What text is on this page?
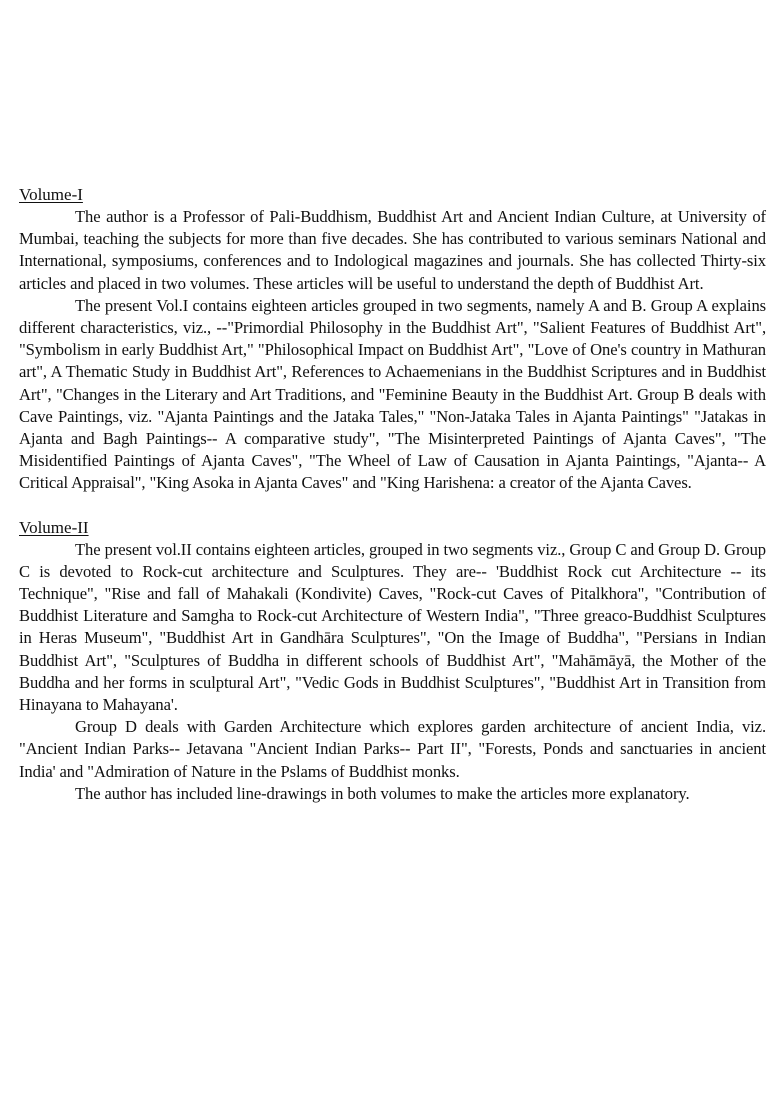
Volume-I

The author is a Professor of Pali-Buddhism, Buddhist Art and Ancient Indian Culture, at University of Mumbai, teaching the subjects for more than five decades. She has contributed to various seminars National and International, symposiums, conferences and to Indological magazines and journals. She has collected Thirty-six articles and placed in two volumes. These articles will be useful to understand the depth of Buddhist Art.

The present Vol.I contains eighteen articles grouped in two segments, namely A and B. Group A explains different characteristics, viz., --"Primordial Philosophy in the Buddhist Art", "Salient Features of Buddhist Art", "Symbolism in early Buddhist Art," "Philosophical Impact on Buddhist Art", "Love of One's country in Mathuran art", A Thematic Study in Buddhist Art", References to Achaemenians in the Buddhist Scriptures and in Buddhist Art", "Changes in the Literary and Art Traditions, and "Feminine Beauty in the Buddhist Art. Group B deals with Cave Paintings, viz. "Ajanta Paintings and the Jataka Tales," "Non-Jataka Tales in Ajanta Paintings" "Jatakas in Ajanta and Bagh Paintings-- A comparative study", "The Misinterpreted Paintings of Ajanta Caves", "The Misidentified Paintings of Ajanta Caves", "The Wheel of Law of Causation in Ajanta Paintings, "Ajanta-- A Critical Appraisal", "King Asoka in Ajanta Caves" and "King Harishena: a creator of the Ajanta Caves.

Volume-II

The present vol.II contains eighteen articles, grouped in two segments viz., Group C and Group D. Group C is devoted to Rock-cut architecture and Sculptures. They are-- 'Buddhist Rock cut Architecture -- its Technique", "Rise and fall of Mahakali (Kondivite) Caves, "Rock-cut Caves of Pitalkhora", "Contribution of Buddhist Literature and Samgha to Rock-cut Architecture of Western India", "Three greaco-Buddhist Sculptures in Heras Museum", "Buddhist Art in Gandhāra Sculptures", "On the Image of Buddha", "Persians in Indian Buddhist Art", "Sculptures of Buddha in different schools of Buddhist Art", "Mahāmāyā, the Mother of the Buddha and her forms in sculptural Art", "Vedic Gods in Buddhist Sculptures", "Buddhist Art in Transition from Hinayana to Mahayana'.

Group D deals with Garden Architecture which explores garden architecture of ancient India, viz. "Ancient Indian Parks-- Jetavana "Ancient Indian Parks-- Part II", "Forests, Ponds and sanctuaries in ancient India' and "Admiration of Nature in the Pslams of Buddhist monks.

The author has included line-drawings in both volumes to make the articles more explanatory.
